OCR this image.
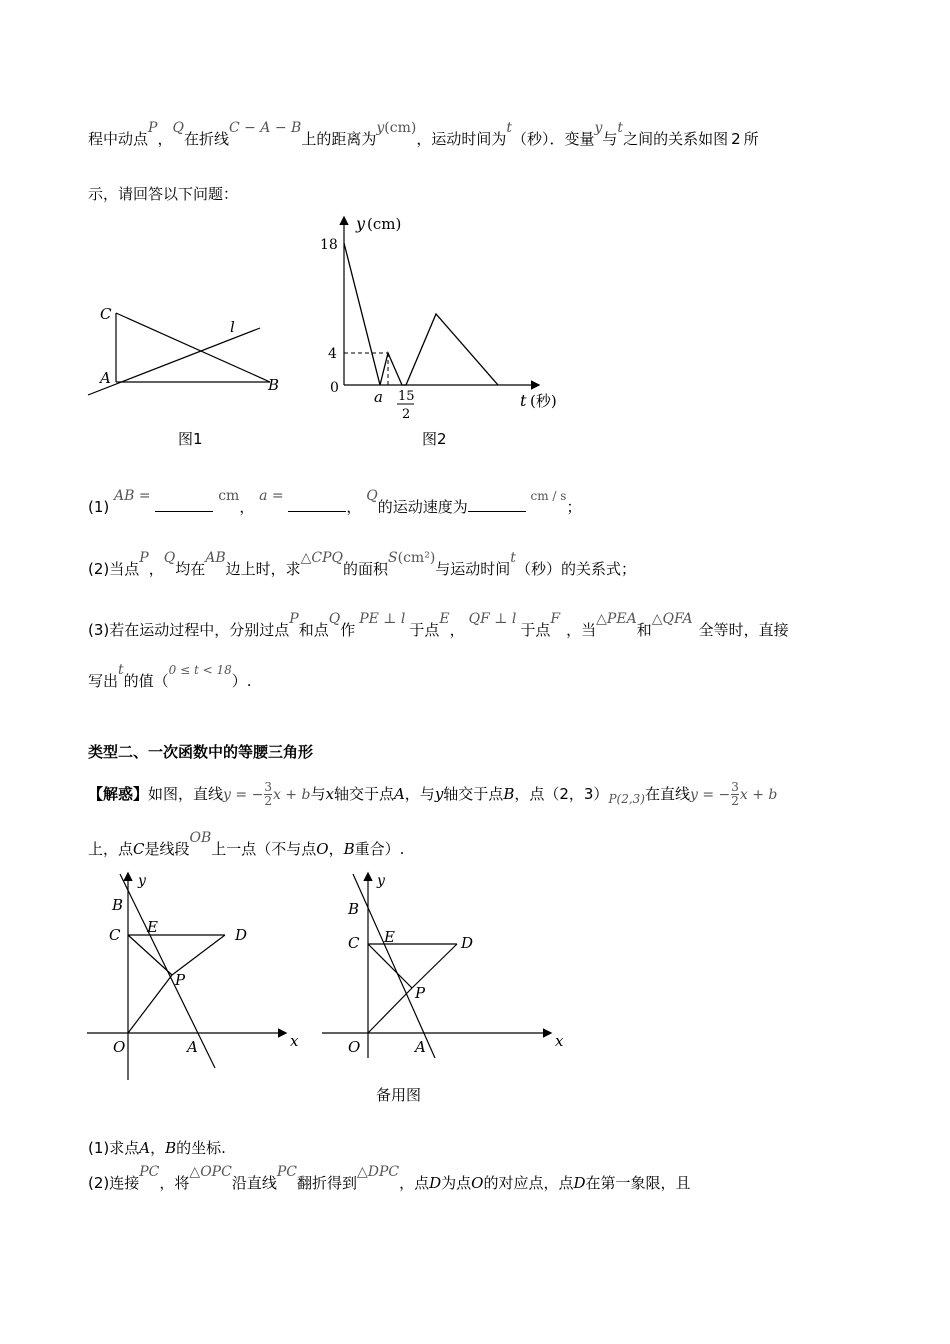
程中动点P，Q在折线C − A − B上的距离为y(cm)，运动时间为t（秒）．变量y与t之间的关系如图 2 所
示，请回答以下问题：
C
A	B
l
图1
y (cm)
18
4
0 a 15
2
t (秒)
图2
(1) AB =	cm， a = ， Q的运动速度为 $^{cm / s}$；
(2)当点P，Q均在AB边上时，求△CPQ的面积S(cm²)与运动时间t（秒）的关系式；
(3)若在运动过程中，分别过点P和点Q作PE ⊥ l于点E，QF ⊥ l于点F，当△PEA和△QFA全等时，直接
写出t的值（$^{0 \le t < 18}$）.
类型二、一次函数中的等腰三角形
【解惑】如图，直线y = − $\frac{3}{2}$ x + b与x轴交于点A，与y轴交于点B，点（2，$3)_{P(2,3)}$在直线y = − $\frac{3}{2}$ x + b
上，点C是线段OB上一点（不与点O，B重合）.
y
B
C E	D
P
O	A	x
y
B
C E	D
P
O	A	x
备用图
(1)求点A，B的坐标.
(2)连接PC，将△OPC沿直线PC翻折得到△DPC，点D为点O的对应点，点D在第一象限，且
